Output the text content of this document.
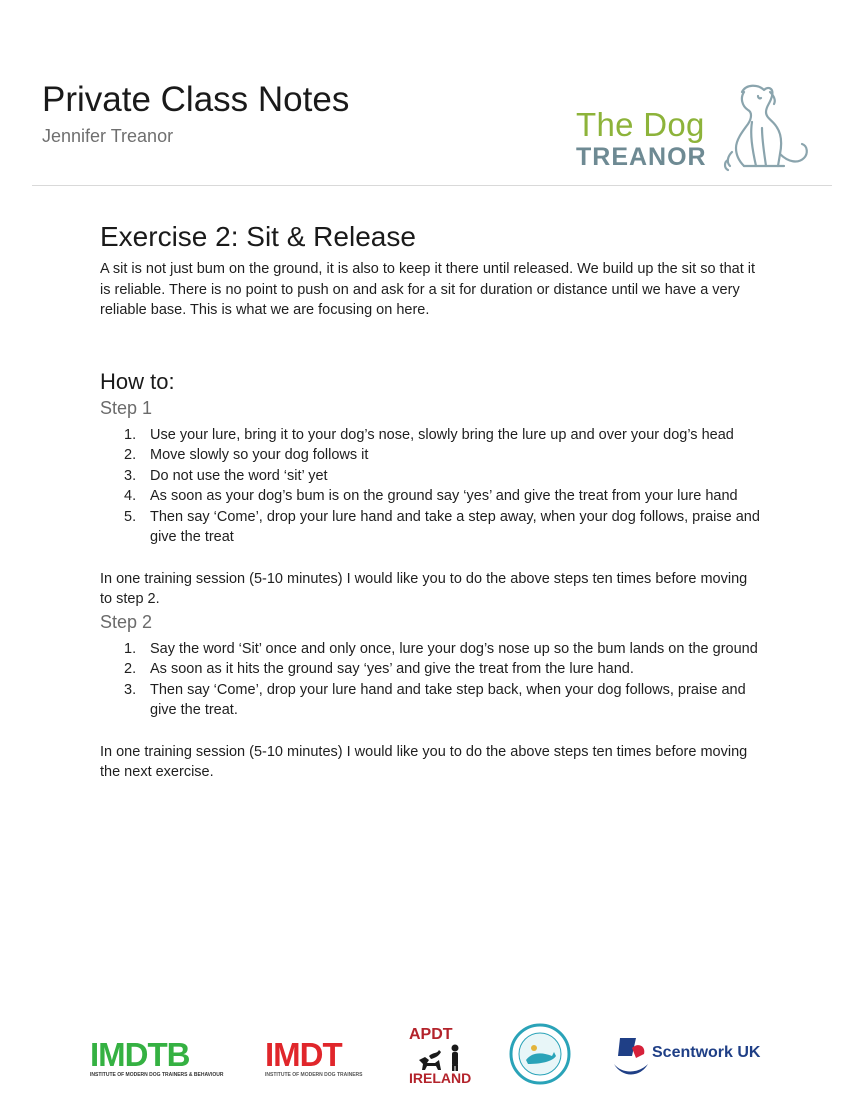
Private Class Notes
Jennifer Treanor	The Dog
TREANOR
Exercise 2: Sit & Release

A sit is not just bum on the ground, it is also to keep it there until released. We build up the sit so that it is reliable. There is no point to push on and ask for a sit for duration or distance until we have a very reliable base. This is what we are focusing on here.

How to:
Step 1
1. Use your lure, bring it to your dog’s nose, slowly bring the lure up and over your dog’s head
2. Move slowly so your dog follows it
3. Do not use the word ‘sit’ yet
4. As soon as your dog’s bum is on the ground say ‘yes’ and give the treat from your lure hand
5. Then say ‘Come’, drop your lure hand and take a step away, when your dog follows, praise and give the treat

In one training session (5-10 minutes) I would like you to do the above steps ten times before moving to step 2.

Step 2
1. Say the word ‘Sit’ once and only once, lure your dog’s nose up so the bum lands on the ground
2. As soon as it hits the ground say ‘yes’ and give the treat from the lure hand.
3. Then say ‘Come’, drop your lure hand and take step back, when your dog follows, praise and give the treat.

In one training session (5-10 minutes) I would like you to do the above steps ten times before moving the next exercise.

IMDTB
INSTITUTE OF MODERN DOG TRAINERS & BEHAVIOUR
IMDT
INSTITUTE OF MODERN DOG TRAINERS
APDT
IRELAND
Scentwork UK
